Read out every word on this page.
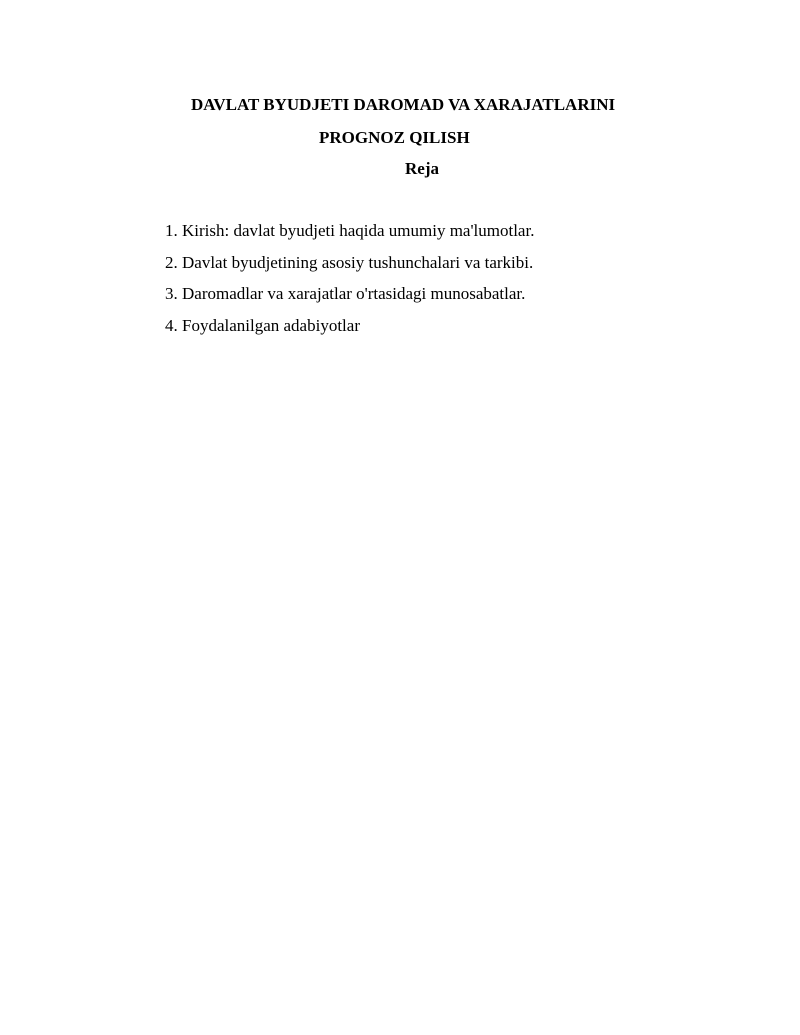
DAVLAT BYUDJETI DAROMAD VA XARAJATLARINI
PROGNOZ QILISH
Reja
1. Kirish: davlat byudjeti haqida umumiy ma'lumotlar.
2. Davlat byudjetining asosiy tushunchalari va tarkibi.
3. Daromadlar va xarajatlar o'rtasidagi munosabatlar.
4. Foydalanilgan adabiyotlar
